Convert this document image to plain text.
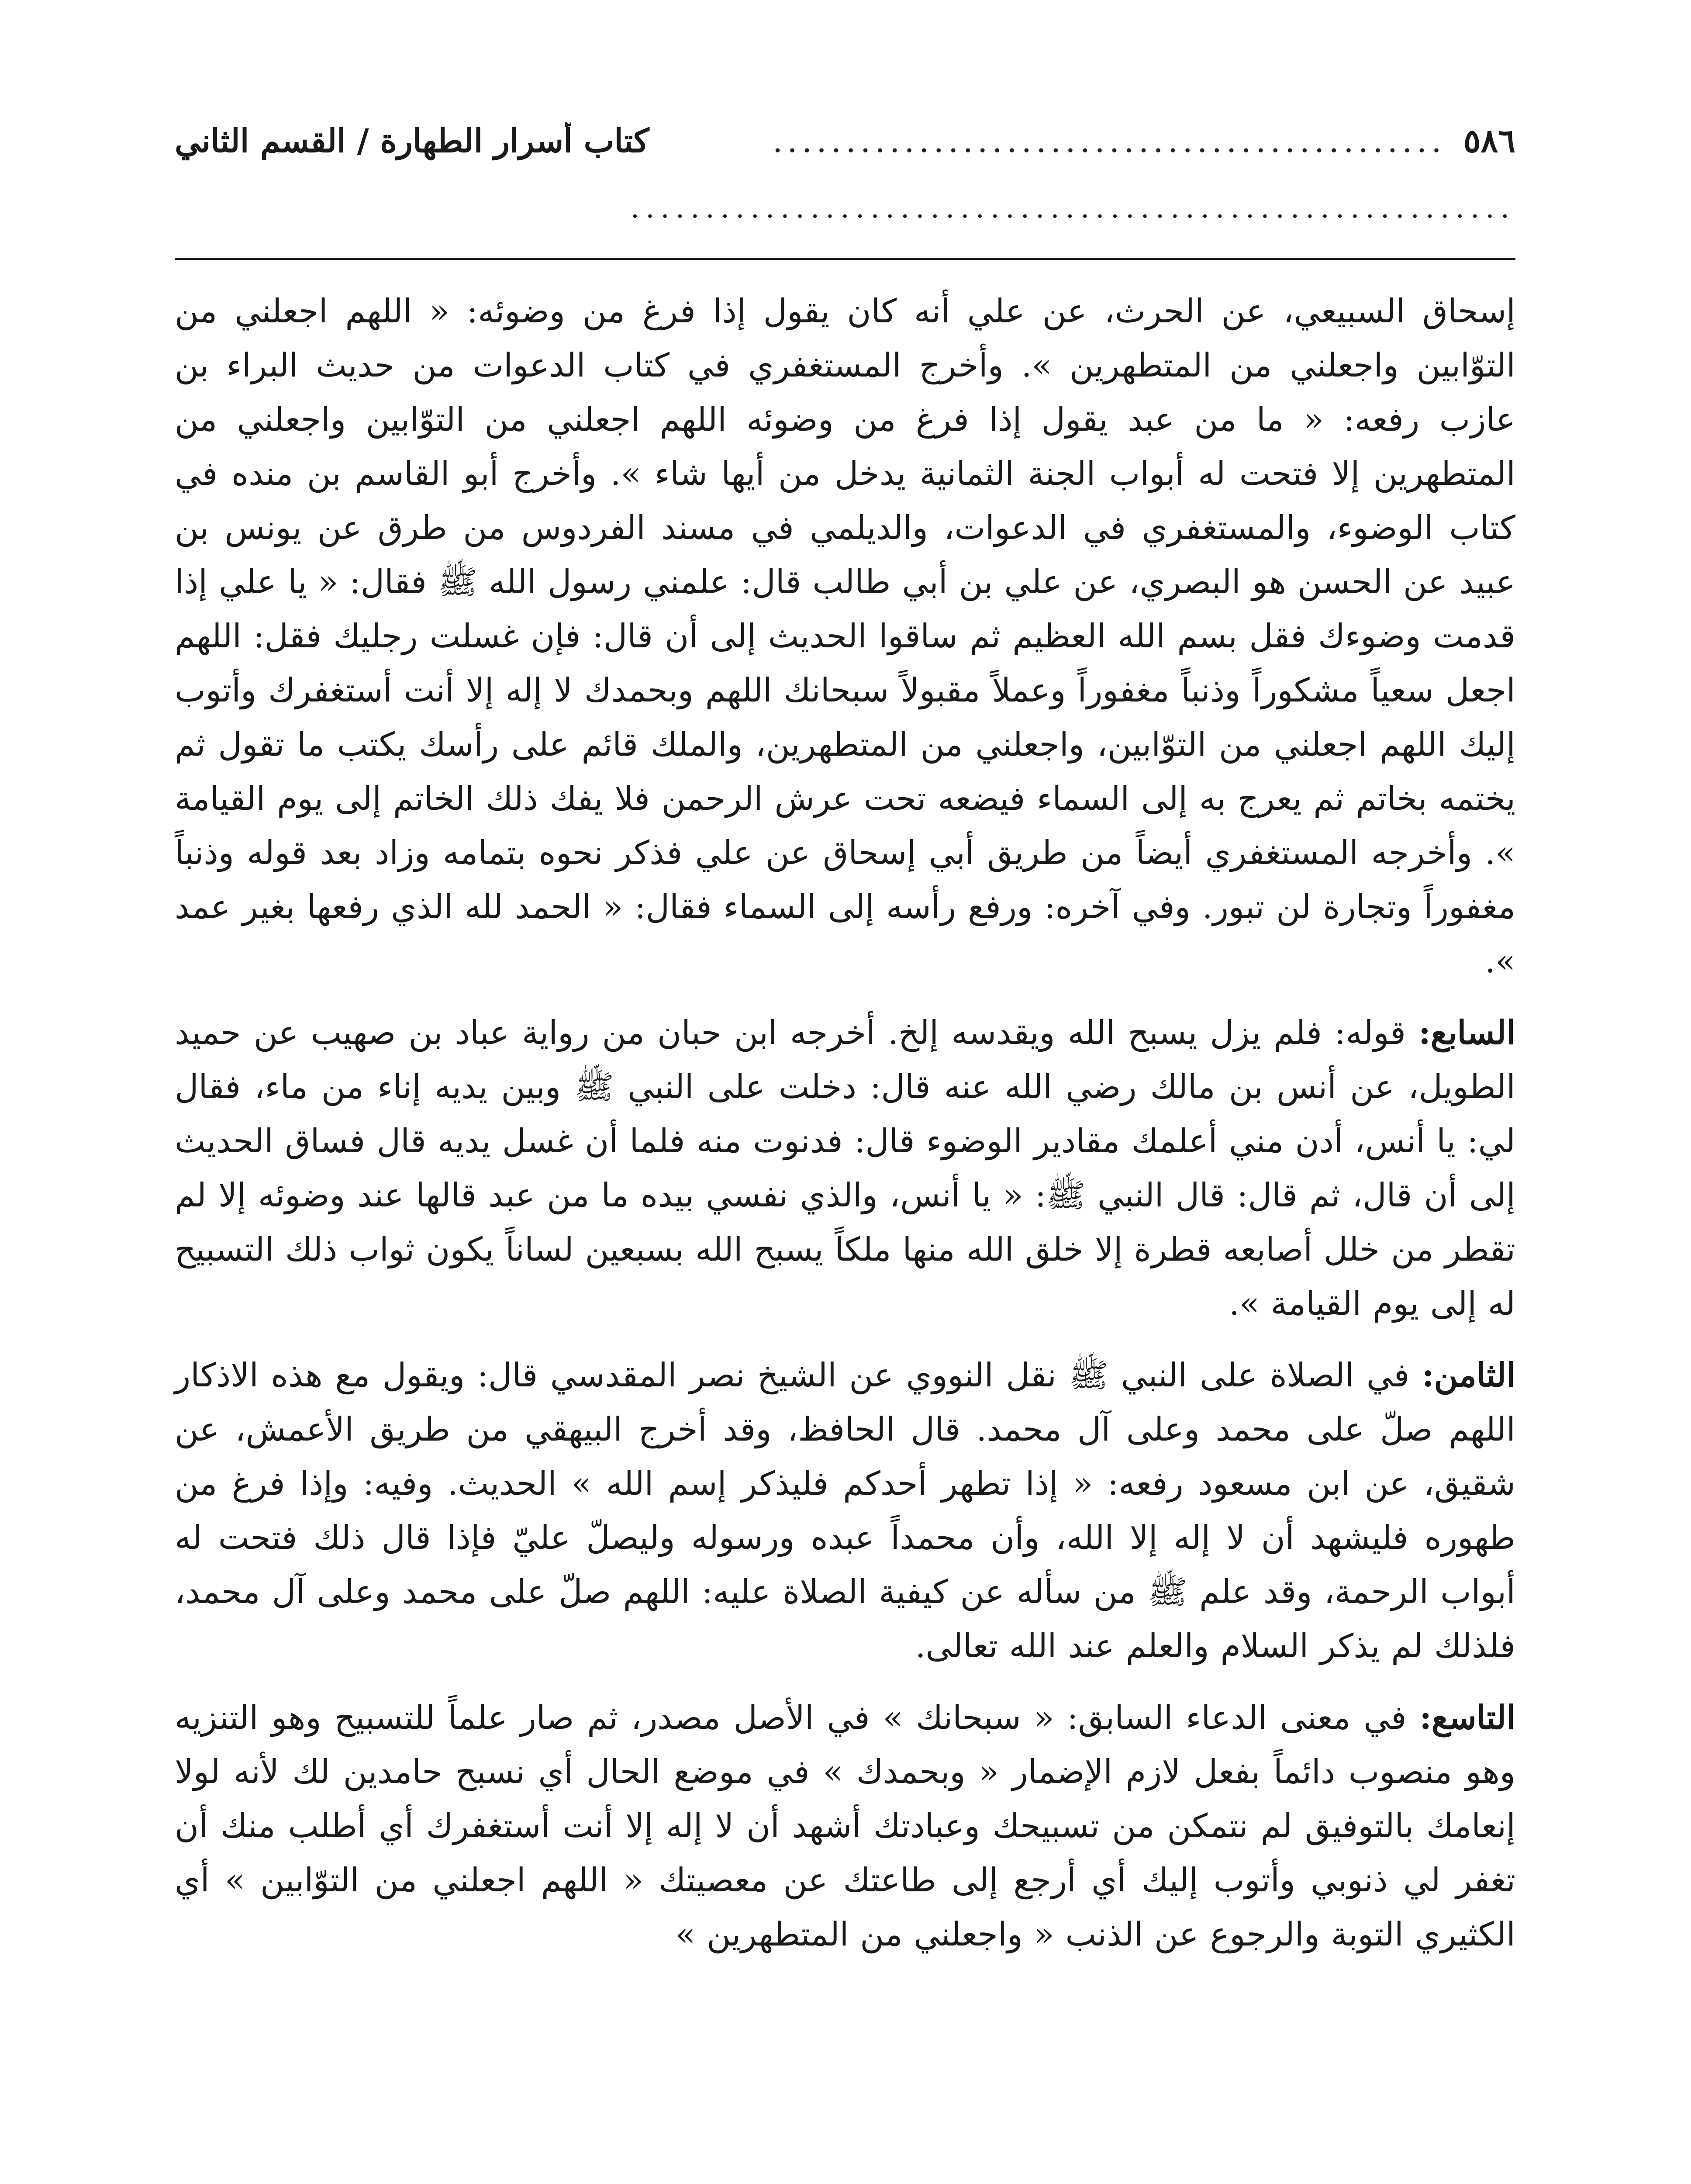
٥٨٦
..............................................
كتاب أسرار الطهارة / القسم الثاني
...........................................................

إسحاق السبيعي، عن الحرث، عن علي أنه كان يقول إذا فرغ من وضوئه: « اللهم اجعلني من التوّابين واجعلني من المتطهرين ». وأخرج المستغفري في كتاب الدعوات من حديث البراء بن عازب رفعه: « ما من عبد يقول إذا فرغ من وضوئه اللهم اجعلني من التوّابين واجعلني من المتطهرين إلا فتحت له أبواب الجنة الثمانية يدخل من أيها شاء ». وأخرج أبو القاسم بن منده في كتاب الوضوء، والمستغفري في الدعوات، والديلمي في مسند الفردوس من طرق عن يونس بن عبيد عن الحسن هو البصري، عن علي بن أبي طالب قال: علمني رسول الله ﷺ فقال: « يا علي إذا قدمت وضوءك فقل بسم الله العظيم ثم ساقوا الحديث إلى أن قال: فإن غسلت رجليك فقل: اللهم اجعل سعياً مشكوراً وذنباً مغفوراً وعملاً مقبولاً سبحانك اللهم وبحمدك لا إله إلا أنت أستغفرك وأتوب إليك اللهم اجعلني من التوّابين، واجعلني من المتطهرين، والملك قائم على رأسك يكتب ما تقول ثم يختمه بخاتم ثم يعرج به إلى السماء فيضعه تحت عرش الرحمن فلا يفك ذلك الخاتم إلى يوم القيامة ». وأخرجه المستغفري أيضاً من طريق أبي إسحاق عن علي فذكر نحوه بتمامه وزاد بعد قوله وذنباً مغفوراً وتجارة لن تبور. وفي آخره: ورفع رأسه إلى السماء فقال: « الحمد لله الذي رفعها بغير عمد ».

السابع: قوله: فلم يزل يسبح الله ويقدسه إلخ. أخرجه ابن حبان من رواية عباد بن صهيب عن حميد الطويل، عن أنس بن مالك رضي الله عنه قال: دخلت على النبي ﷺ وبين يديه إناء من ماء، فقال لي: يا أنس، أدن مني أعلمك مقادير الوضوء قال: فدنوت منه فلما أن غسل يديه قال فساق الحديث إلى أن قال، ثم قال: قال النبي ﷺ: « يا أنس، والذي نفسي بيده ما من عبد قالها عند وضوئه إلا لم تقطر من خلل أصابعه قطرة إلا خلق الله منها ملكاً يسبح الله بسبعين لساناً يكون ثواب ذلك التسبيح له إلى يوم القيامة ».

الثامن: في الصلاة على النبي ﷺ نقل النووي عن الشيخ نصر المقدسي قال: ويقول مع هذه الاذكار اللهم صلّ على محمد وعلى آل محمد. قال الحافظ، وقد أخرج البيهقي من طريق الأعمش، عن شقيق، عن ابن مسعود رفعه: « إذا تطهر أحدكم فليذكر إسم الله » الحديث. وفيه: وإذا فرغ من طهوره فليشهد أن لا إله إلا الله، وأن محمداً عبده ورسوله وليصلّ عليّ فإذا قال ذلك فتحت له أبواب الرحمة، وقد علم ﷺ من سأله عن كيفية الصلاة عليه: اللهم صلّ على محمد وعلى آل محمد، فلذلك لم يذكر السلام والعلم عند الله تعالى.

التاسع: في معنى الدعاء السابق: « سبحانك » في الأصل مصدر، ثم صار علماً للتسبيح وهو التنزيه وهو منصوب دائماً بفعل لازم الإضمار « وبحمدك » في موضع الحال أي نسبح حامدين لك لأنه لولا إنعامك بالتوفيق لم نتمكن من تسبيحك وعبادتك أشهد أن لا إله إلا أنت أستغفرك أي أطلب منك أن تغفر لي ذنوبي وأتوب إليك أي أرجع إلى طاعتك عن معصيتك « اللهم اجعلني من التوّابين » أي الكثيري التوبة والرجوع عن الذنب « واجعلني من المتطهرين »
